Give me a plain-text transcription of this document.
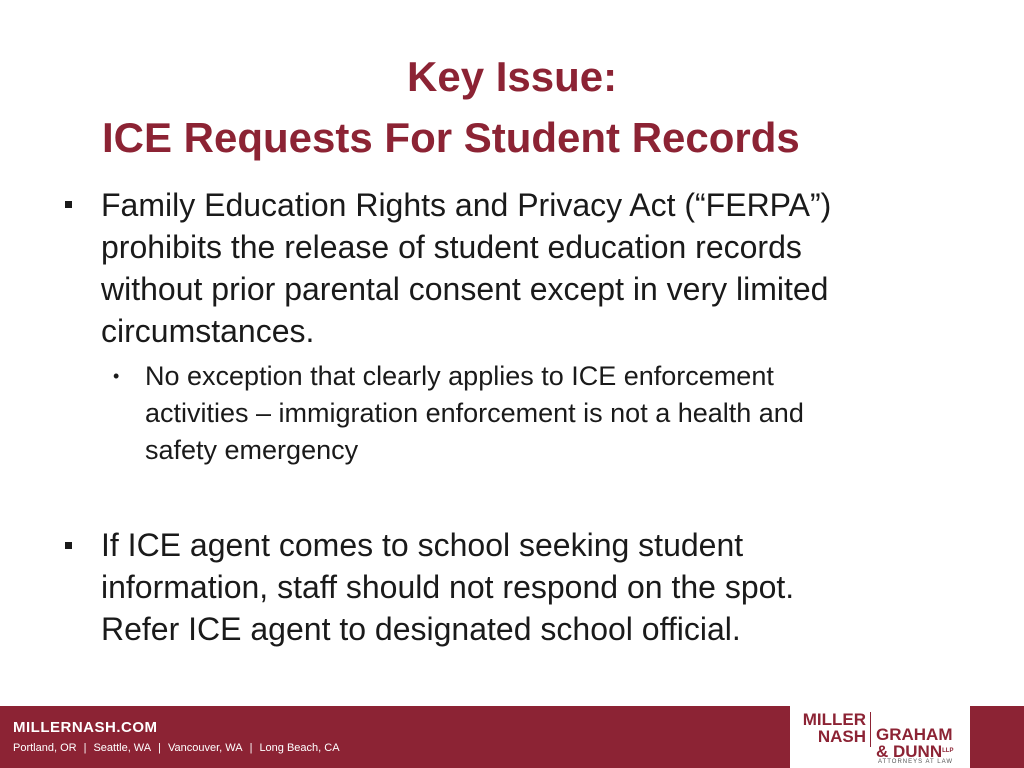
Key Issue:
ICE Requests For Student Records
Family Education Rights and Privacy Act (“FERPA”)
prohibits the release of student education records
without prior parental consent except in very limited
circumstances.
• No exception that clearly applies to ICE enforcement
activities – immigration enforcement is not a health and
safety emergency
If ICE agent comes to school seeking student
information, staff should not respond on the spot.
Refer ICE agent to designated school official.
MILLERNASH.COM
Portland, OR | Seattle, WA | Vancouver, WA | Long Beach, CA
MILLER
NASH GRAHAM
& $DUNN^{LLP}$
ATTORNEYS AT LAW
